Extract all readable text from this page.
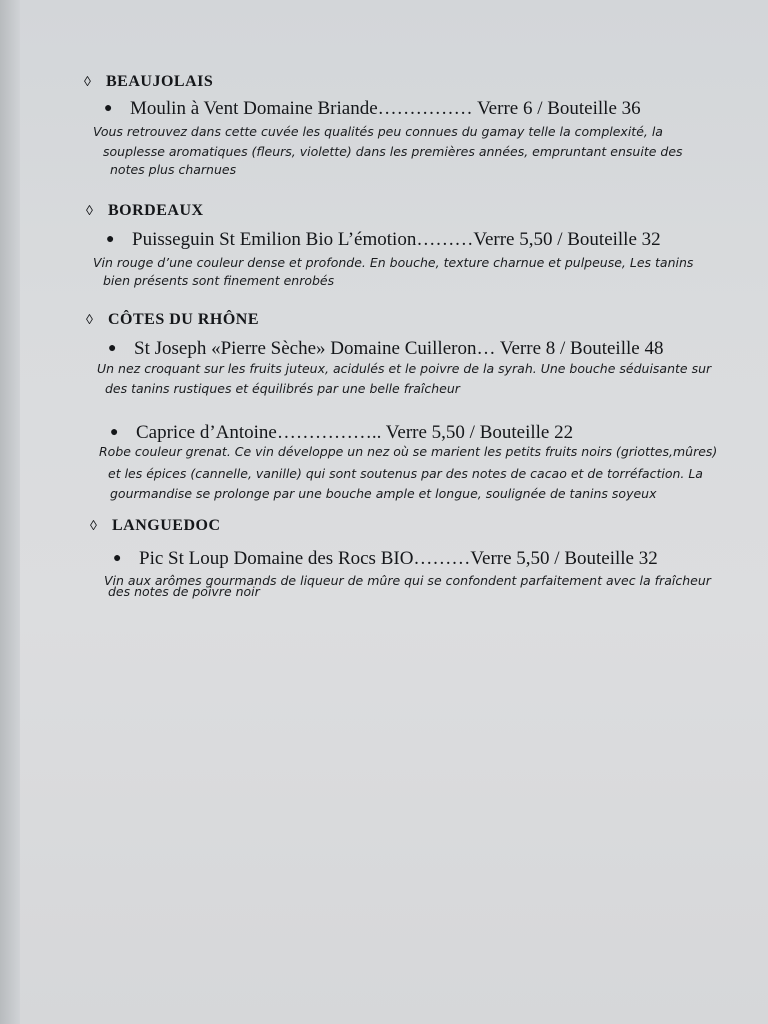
◊ BEAUJOLAIS
● Moulin à Vent Domaine Briande…………… Verre 6 / Bouteille 36
Vous retrouvez dans cette cuvée les qualités peu connues du gamay telle la complexité, la
souplesse aromatiques (fleurs, violette) dans les premières années, empruntant ensuite des
notes plus charnues
◊ BORDEAUX
● Puisseguin St Emilion Bio L’émotion………Verre 5,50 / Bouteille 32
Vin rouge d’une couleur dense et profonde. En bouche, texture charnue et pulpeuse, Les tanins
bien présents sont finement enrobés
◊ CÔTES DU RHÔNE
● St Joseph «Pierre Sèche» Domaine Cuilleron… Verre 8 / Bouteille 48
Un nez croquant sur les fruits juteux, acidulés et le poivre de la syrah. Une bouche séduisante sur
des tanins rustiques et équilibrés par une belle fraîcheur
● Caprice d’Antoine…………….. Verre 5,50 / Bouteille 22
Robe couleur grenat. Ce vin développe un nez où se marient les petits fruits noirs (griottes,mûres)
et les épices (cannelle, vanille) qui sont soutenus par des notes de cacao et de torréfaction. La
gourmandise se prolonge par une bouche ample et longue, soulignée de tanins soyeux
◊ LANGUEDOC
● Pic St Loup Domaine des Rocs BIO………Verre 5,50 / Bouteille 32
Vin aux arômes gourmands de liqueur de mûre qui se confondent parfaitement avec la fraîcheur
des notes de poivre noir
